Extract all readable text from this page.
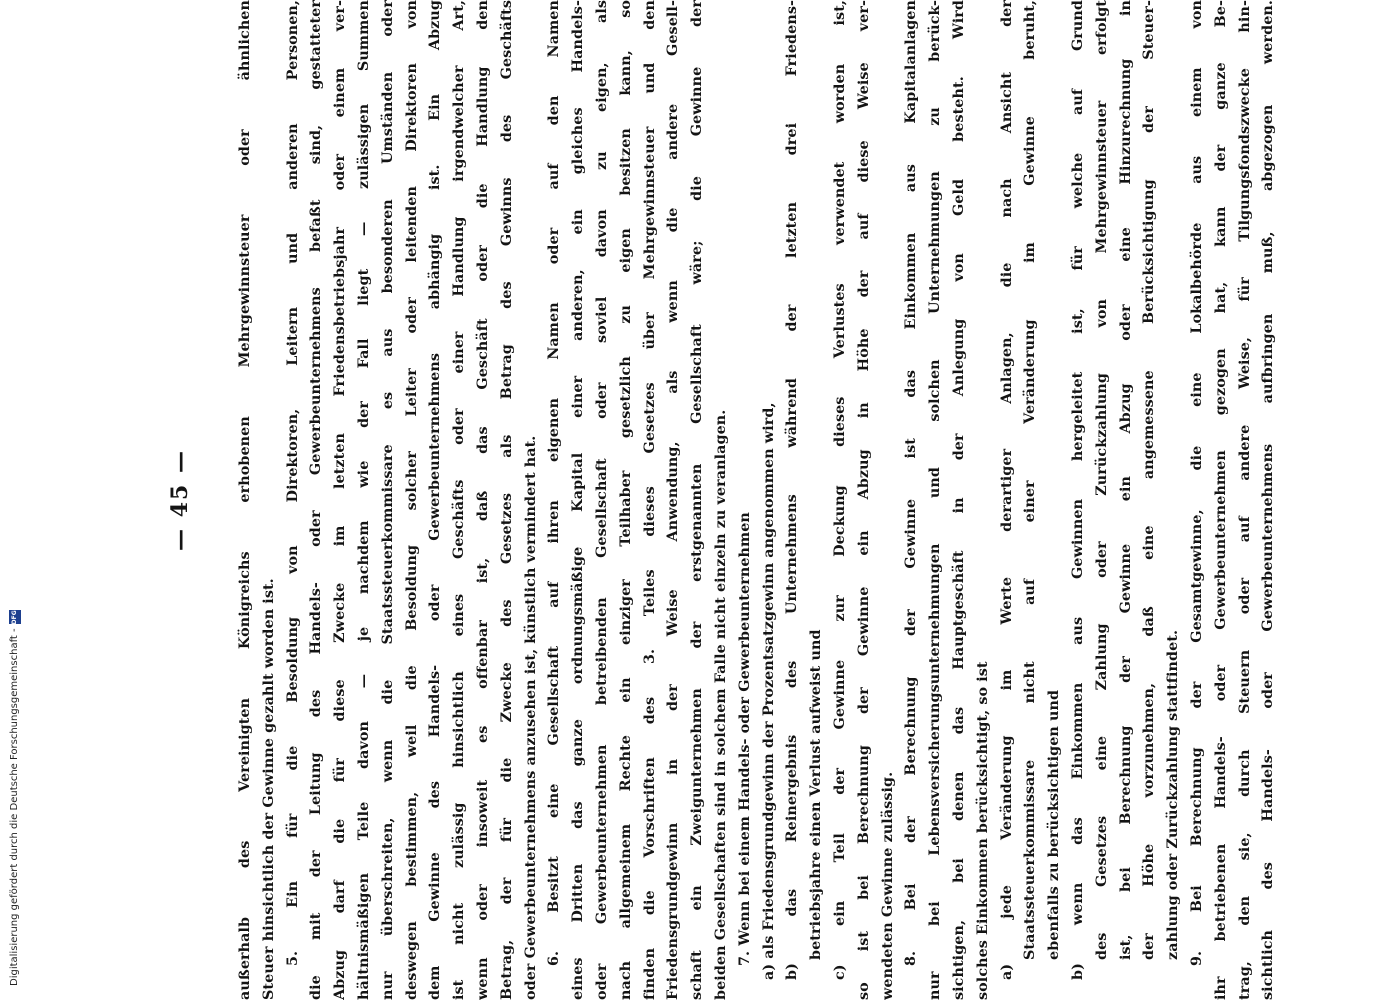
Digitalisierung gefördert durch die Deutsche Forschungsgemeinschaft -
DFG
— 45 —	außerhalb des Vereinigten Königreichs erhobenen Mehrgewinnsteuer oder ähnlichen Steuer hinsichtlich der Gewinne gezahlt worden ist. 5. Ein für die Besoldung von Direktoren, Leitern und anderen Personen, die mit der Leitung des Handels- oder Gewerbeunternehmens befaßt sind, gestatteter Abzug darf die für diese Zwecke im letzten Friedensbetriebsjahr oder einem ver- hältnismäßigen Teile davon — je nachdem wie der Fall liegt — zulässigen Summen nur überschreiten, wenn die Staatssteuerkommissare es aus besonderen Umständen oder deswegen bestimmen, weil die Besoldung solcher Leiter oder leitenden Direktoren von dem Gewinne des Handels- oder Gewerbeunternehmens abhängig ist. Ein Abzug ist nicht zulässig hinsichtlich eines Geschäfts oder einer Handlung irgendwelcher Art, wenn oder insoweit es offenbar ist, daß das Geschäft oder die Handlung den Betrag, der für die Zwecke des Gesetzes als Betrag des Gewinns des Geschäfts oder Gewerbeunternehmens anzusehen ist, künstlich vermindert hat. 6. Besitzt eine Gesellschaft auf ihren eigenen Namen oder auf den Namen eines Dritten das ganze ordnungsmäßige Kapital einer anderen, ein gleiches Handels- oder Gewerbeunternehmen betreibenden Gesellschaft oder soviel davon zu eigen, als nach allgemeinem Rechte ein einziger Teilhaber gesetzlich zu eigen besitzen kann, so finden die Vorschriften des 3. Teiles dieses Gesetzes über Mehrgewinnsteuer und den Friedensgrundgewinn in der Weise Anwendung, als wenn die andere Gesell- schaft ein Zweigunternehmen der erstgenannten Gesellschaft wäre; die Gewinne der beiden Gesellschaften sind in solchem Falle nicht einzeln zu veranlagen. 7. Wenn bei einem Handels- oder Gewerbeunternehmen a) als Friedensgrundgewinn der Prozentsatzgewinn angenommen wird, b) das Reinergebnis des Unternehmens während der letzten drei Friedens- betriebsjahre einen Verlust aufweist und c) ein Teil der Gewinne zur Deckung dieses Verlustes verwendet worden ist, so ist bei Berechnung der Gewinne ein Abzug in Höhe der auf diese Weise ver- wendeten Gewinne zulässig. 8. Bei der Berechnung der Gewinne ist das Einkommen aus Kapitalanlagen nur bei Lebensversicherungsunternehmungen und solchen Unternehmungen zu berück- sichtigen, bei denen das Hauptgeschäft in der Anlegung von Geld besteht. Wird solches Einkommen berücksichtigt, so ist a) jede Veränderung im Werte derartiger Anlagen, die nach Ansicht der Staatssteuerkommissare nicht auf einer Veränderung im Gewinne beruht, ebenfalls zu berücksichtigen und b) wenn das Einkommen aus Gewinnen hergeleitet ist, für welche auf Grund des Gesetzes eine Zahlung oder Zurückzahlung von Mehrgewinnsteuer erfolgt ist, bei Berechnung der Gewinne ein Abzug oder eine Hinzurechnung in der Höhe vorzunehmen, daß eine angemessene Berücksichtigung der Steuer- zahlung oder Zurückzahlung stattfindet. 9. Bei Berechnung der Gesamtgewinne, die eine Lokalbehörde aus einem von ihr betriebenen Handels- oder Gewerbeunternehmen gezogen hat, kann der ganze Be- trag, den sie, durch Steuern oder auf andere Weise, für Tilgungsfondszwecke hin- sichtlich des Handels- oder Gewerbeunternehmens aufbringen muß, abgezogen werden.
